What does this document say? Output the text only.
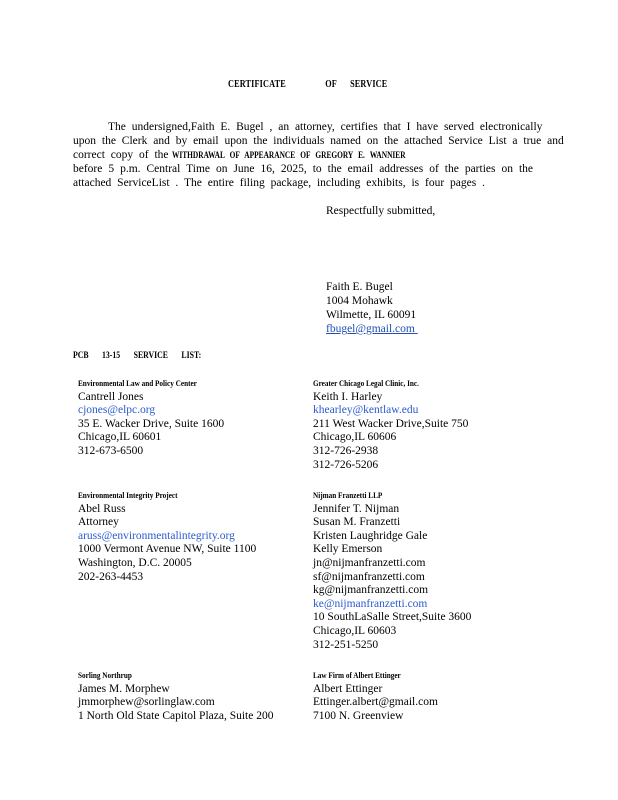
CERTIFICATE	OF SERVICE
The undersigned,Faith E. Bugel , an attorney, certifies that I have served electronically
upon the Clerk and by email upon the individuals named on the attached Service List a true and
correct copy of the WITHDRAWAL OF APPEARANCE OF GREGORY E. WANNIER
before 5 p.m. Central Time on June 16, 2025, to the email addresses of the parties on the
attached ServiceList . The entire filing package, including exhibits, is four pages .
Respectfully submitted,
Faith E. Bugel
1004 Mohawk
Wilmette, IL 60091
fbugel@gmail.com
PCB 13-15 SERVICE LIST:
Environmental Law and Policy Center
Cantrell Jones
cjones@elpc.org
35 E. Wacker Drive, Suite 1600
Chicago,IL 60601
312-673-6500
Greater Chicago Legal Clinic, Inc.
Keith I. Harley
khearley@kentlaw.edu
211 West Wacker Drive,Suite 750
Chicago,IL 60606
312-726-2938
312-726-5206
Environmental Integrity Project
Abel Russ
Attorney
aruss@environmentalintegrity.org
1000 Vermont Avenue NW, Suite 1100
Washington, D.C. 20005
202-263-4453
Nijman Franzetti LLP
Jennifer T. Nijman
Susan M. Franzetti
Kristen Laughridge Gale
Kelly Emerson
jn@nijmanfranzetti.com
sf@nijmanfranzetti.com
kg@nijmanfranzetti.com
ke@nijmanfranzetti.com
10 SouthLaSalle Street,Suite 3600
Chicago,IL 60603
312-251-5250
Sorling Northrup
James M. Morphew
jmmorphew@sorlinglaw.com
1 North Old State Capitol Plaza, Suite 200
Law Firm of Albert Ettinger
Albert Ettinger
Ettinger.albert@gmail.com
7100 N. Greenview
